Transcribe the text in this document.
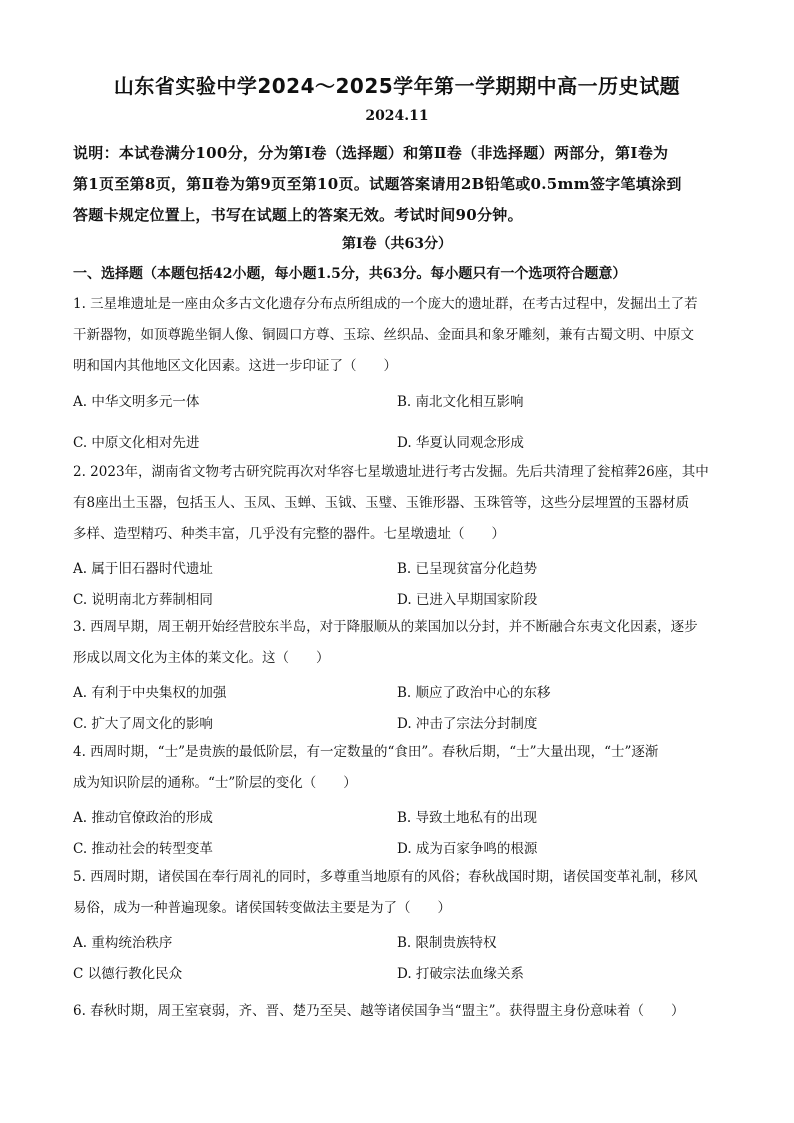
山东省实验中学2024～2025学年第一学期期中高一历史试题
2024.11
说明：本试卷满分100分，分为第Ⅰ卷（选择题）和第Ⅱ卷（非选择题）两部分，第Ⅰ卷为
第1页至第8页，第Ⅱ卷为第9页至第10页。试题答案请用2B铅笔或0.5mm签字笔填涂到
答题卡规定位置上，书写在试题上的答案无效。考试时间90分钟。
第Ⅰ卷（共63分）
一、选择题（本题包括42小题，每小题1.5分，共63分。每小题只有一个选项符合题意）
1. 三星堆遗址是一座由众多古文化遗存分布点所组成的一个庞大的遗址群，在考古过程中，发掘出土了若
干新器物，如顶尊跪坐铜人像、铜圆口方尊、玉琮、丝织品、金面具和象牙雕刻，兼有古蜀文明、中原文
明和国内其他地区文化因素。这进一步印证了（　　）
A. 中华文明多元一体	B. 南北文化相互影响
C. 中原文化相对先进	D. 华夏认同观念形成
2. 2023年，湖南省文物考古研究院再次对华容七星墩遗址进行考古发掘。先后共清理了瓮棺葬26座，其中
有8座出土玉器，包括玉人、玉凤、玉蝉、玉钺、玉璧、玉锥形器、玉珠管等，这些分层埋置的玉器材质
多样、造型精巧、种类丰富，几乎没有完整的器件。七星墩遗址（　　）
A. 属于旧石器时代遗址	B. 已呈现贫富分化趋势
C. 说明南北方葬制相同	D. 已进入早期国家阶段
3. 西周早期，周王朝开始经营胶东半岛，对于降服顺从的莱国加以分封，并不断融合东夷文化因素，逐步
形成以周文化为主体的莱文化。这（　　）
A. 有利于中央集权的加强	B. 顺应了政治中心的东移
C. 扩大了周文化的影响	D. 冲击了宗法分封制度
4. 西周时期，“士”是贵族的最低阶层，有一定数量的“食田”。春秋后期，“士”大量出现，“士”逐渐
成为知识阶层的通称。“士”阶层的变化（　　）
A. 推动官僚政治的形成	B. 导致土地私有的出现
C. 推动社会的转型变革	D. 成为百家争鸣的根源
5. 西周时期，诸侯国在奉行周礼的同时，多尊重当地原有的风俗；春秋战国时期，诸侯国变革礼制，移风
易俗，成为一种普遍现象。诸侯国转变做法主要是为了（　　）
A. 重构统治秩序	B. 限制贵族特权
C 以德行教化民众	D. 打破宗法血缘关系
6. 春秋时期，周王室衰弱，齐、晋、楚乃至吴、越等诸侯国争当“盟主”。获得盟主身份意味着（　　）
